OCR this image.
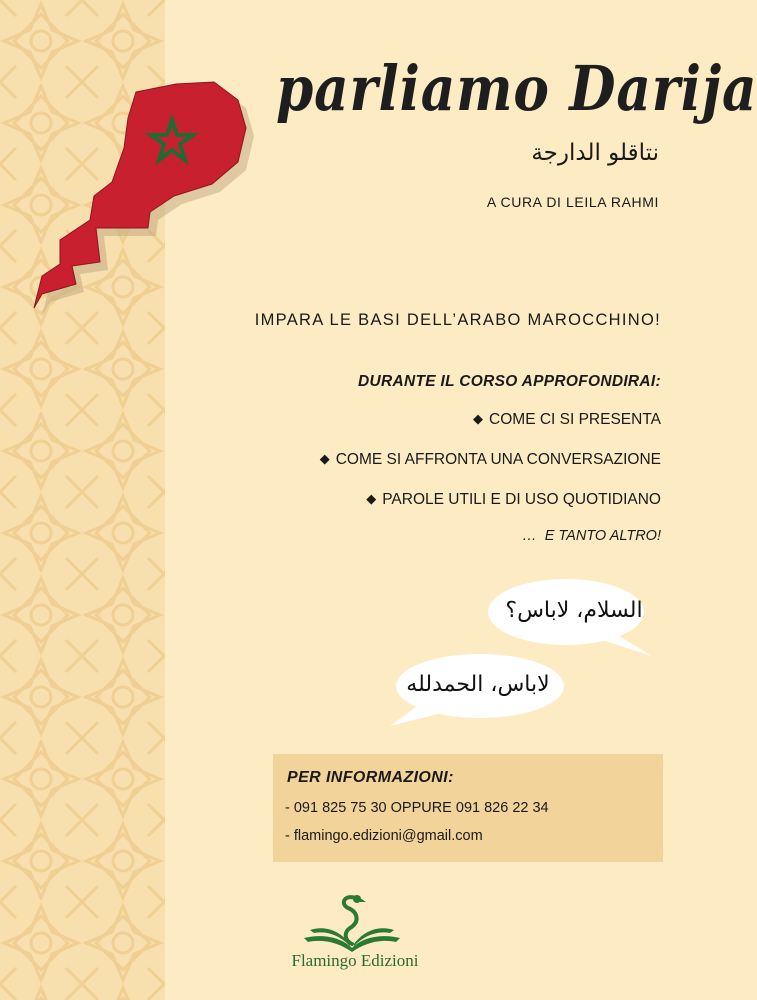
parliamo Darija
نتاقلو الدارجة
A CURA DI LEILA RAHMI
IMPARA LE BASI DELL’ARABO MAROCCHINO!
DURANTE IL CORSO APPROFONDIRAI:
◆ COME CI SI PRESENTA
◆ COME SI AFFRONTA UNA CONVERSAZIONE
◆ PAROLE UTILI E DI USO QUOTIDIANO
… E TANTO ALTRO!
السلام، لاباس؟
لاباس، الحمدلله
PER INFORMAZIONI:
- 091 825 75 30 OPPURE 091 826 22 34
- flamingo.edizioni@gmail.com
Flamingo Edizioni
